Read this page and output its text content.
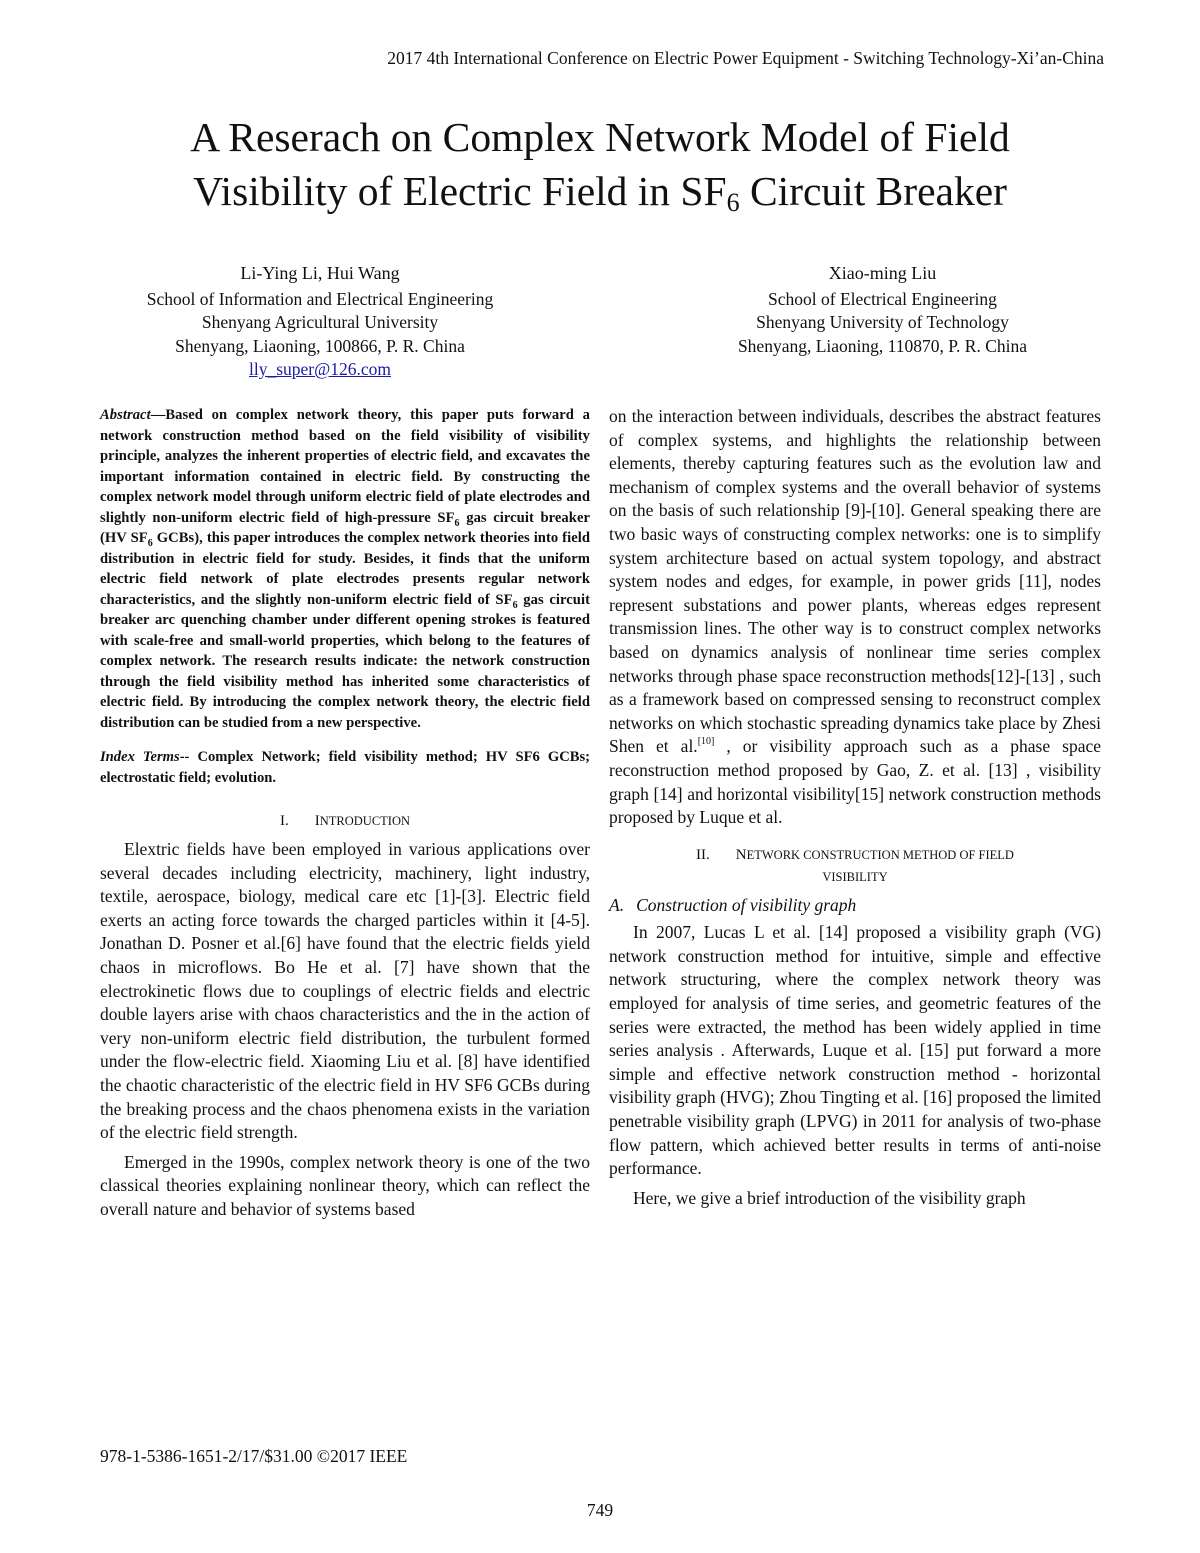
2017 4th International Conference on Electric Power Equipment - Switching Technology-Xi’an-China
A Reserach on Complex Network Model of Field
Visibility of Electric Field in $SF_6$ Circuit Breaker
Li-Ying Li, Hui Wang
School of Information and Electrical Engineering
Shenyang Agricultural University
Shenyang, Liaoning, 100866, P. R. China
lly_super@126.com
Xiao-ming Liu
School of Electrical Engineering
Shenyang University of Technology
Shenyang, Liaoning, 110870, P. R. China
Abstract—Based on complex network theory, this paper puts forward a network construction method based on the field visibility of visibility principle, analyzes the inherent properties of electric field, and excavates the important information contained in electric field. By constructing the complex network model through uniform electric field of plate electrodes and slightly non-uniform electric field of high-pressure $SF_6$ gas circuit breaker (HV $SF_6$ GCBs), this paper introduces the complex network theories into field distribution in electric field for study. Besides, it finds that the uniform electric field network of plate electrodes presents regular network characteristics, and the slightly non-uniform electric field of $SF_6$ gas circuit breaker arc quenching chamber under different opening strokes is featured with scale-free and small-world properties, which belong to the features of complex network. The research results indicate: the network construction through the field visibility method has inherited some characteristics of electric field. By introducing the complex network theory, the electric field distribution can be studied from a new perspective.
Index Terms-- Complex Network; field visibility method; HV SF6 GCBs; electrostatic field; evolution.
I. INTRODUCTION

Elextric fields have been employed in various applications over several decades including electricity, machinery, light industry, textile, aerospace, biology, medical care etc [1]-[3]. Electric field exerts an acting force towards the charged particles within it [4-5]. Jonathan D. Posner et al.[6] have found that the electric fields yield chaos in microflows. Bo He et al. [7] have shown that the electrokinetic flows due to couplings of electric fields and electric double layers arise with chaos characteristics and the in the action of very non-uniform electric field distribution, the turbulent formed under the flow-electric field. Xiaoming Liu et al. [8] have identified the chaotic characteristic of the electric field in HV SF6 GCBs during the breaking process and the chaos phenomena exists in the variation of the electric field strength.

Emerged in the 1990s, complex network theory is one of the two classical theories explaining nonlinear theory, which can reflect the overall nature and behavior of systems based

on the interaction between individuals, describes the abstract features of complex systems, and highlights the relationship between elements, thereby capturing features such as the evolution law and mechanism of complex systems and the overall behavior of systems on the basis of such relationship [9]-[10]. General speaking there are two basic ways of constructing complex networks: one is to simplify system architecture based on actual system topology, and abstract system nodes and edges, for example, in power grids [11], nodes represent substations and power plants, whereas edges represent transmission lines. The other way is to construct complex networks based on dynamics analysis of nonlinear time series complex networks through phase space reconstruction methods[12]-[13] , such as a framework based on compressed sensing to reconstruct complex networks on which stochastic spreading dynamics take place by Zhesi Shen et al.[10] , or visibility approach such as a phase space reconstruction method proposed by Gao, Z. et al. [13] , visibility graph [14] and horizontal visibility[15] network construction methods proposed by Luque et al.

II. NETWORK CONSTRUCTION METHOD OF FIELD
VISIBILITY
A. Construction of visibility graph

In 2007, Lucas L et al. [14] proposed a visibility graph (VG) network construction method for intuitive, simple and effective network structuring, where the complex network theory was employed for analysis of time series, and geometric features of the series were extracted, the method has been widely applied in time series analysis . Afterwards, Luque et al. [15] put forward a more simple and effective network construction method - horizontal visibility graph (HVG); Zhou Tingting et al. [16] proposed the limited penetrable visibility graph (LPVG) in 2011 for analysis of two-phase flow pattern, which achieved better results in terms of anti-noise performance.

Here, we give a brief introduction of the visibility graph

978-1-5386-1651-2/17/$31.00 ©2017 IEEE
749
